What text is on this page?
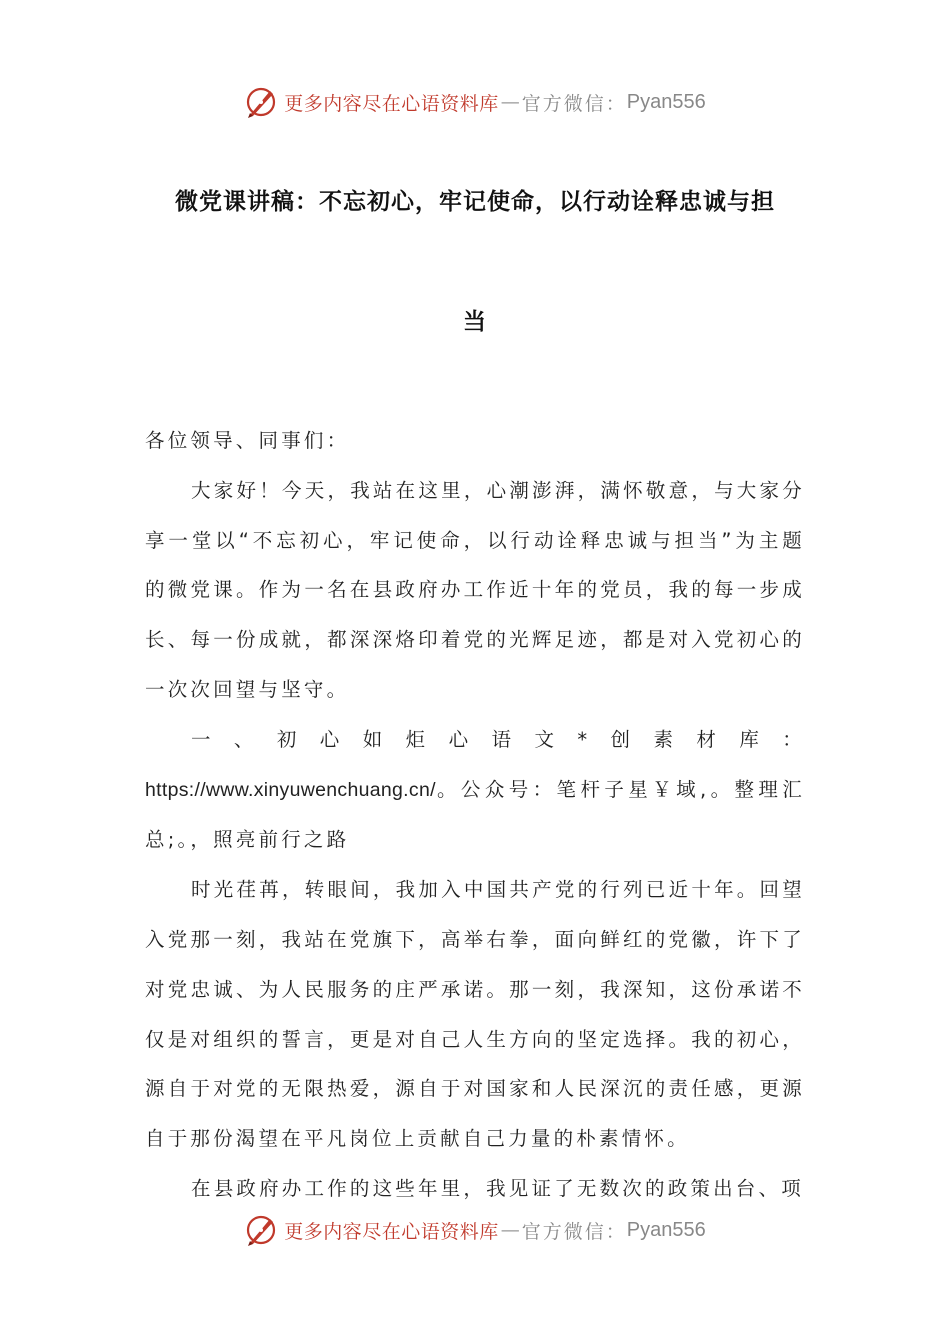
更多内容尽在心语资料库 — 官方微信： Pyan556
微党课讲稿：不忘初心，牢记使命，以行动诠释忠诚与担
当

各位领导、同事们：

大家好！今天，我站在这里，心潮澎湃，满怀敬意，与大家分享一堂以“不忘初心，牢记使命，以行动诠释忠诚与担当”为主题的微党课。作为一名在县政府办工作近十年的党员，我的每一步成长、每一份成就，都深深烙印着党的光辉足迹，都是对入党初心的一次次回望与坚守。

一、初心如炬心语文*创素材库：https://www.xinyuwenchuang.cn/。公众号：笔杆子星￥域,。整理汇总;。，照亮前行之路

时光荏苒，转眼间，我加入中国共产党的行列已近十年。回望入党那一刻，我站在党旗下，高举右拳，面向鲜红的党徽，许下了对党忠诚、为人民服务的庄严承诺。那一刻，我深知，这份承诺不仅是对组织的誓言，更是对自己人生方向的坚定选择。我的初心，源自于对党的无限热爱，源自于对国家和人民深沉的责任感，更源自于那份渴望在平凡岗位上贡献自己力量的朴素情怀。

在县政府办工作的这些年里，我见证了无数次的政策出台、项

更多内容尽在心语资料库 — 官方微信： Pyan556
